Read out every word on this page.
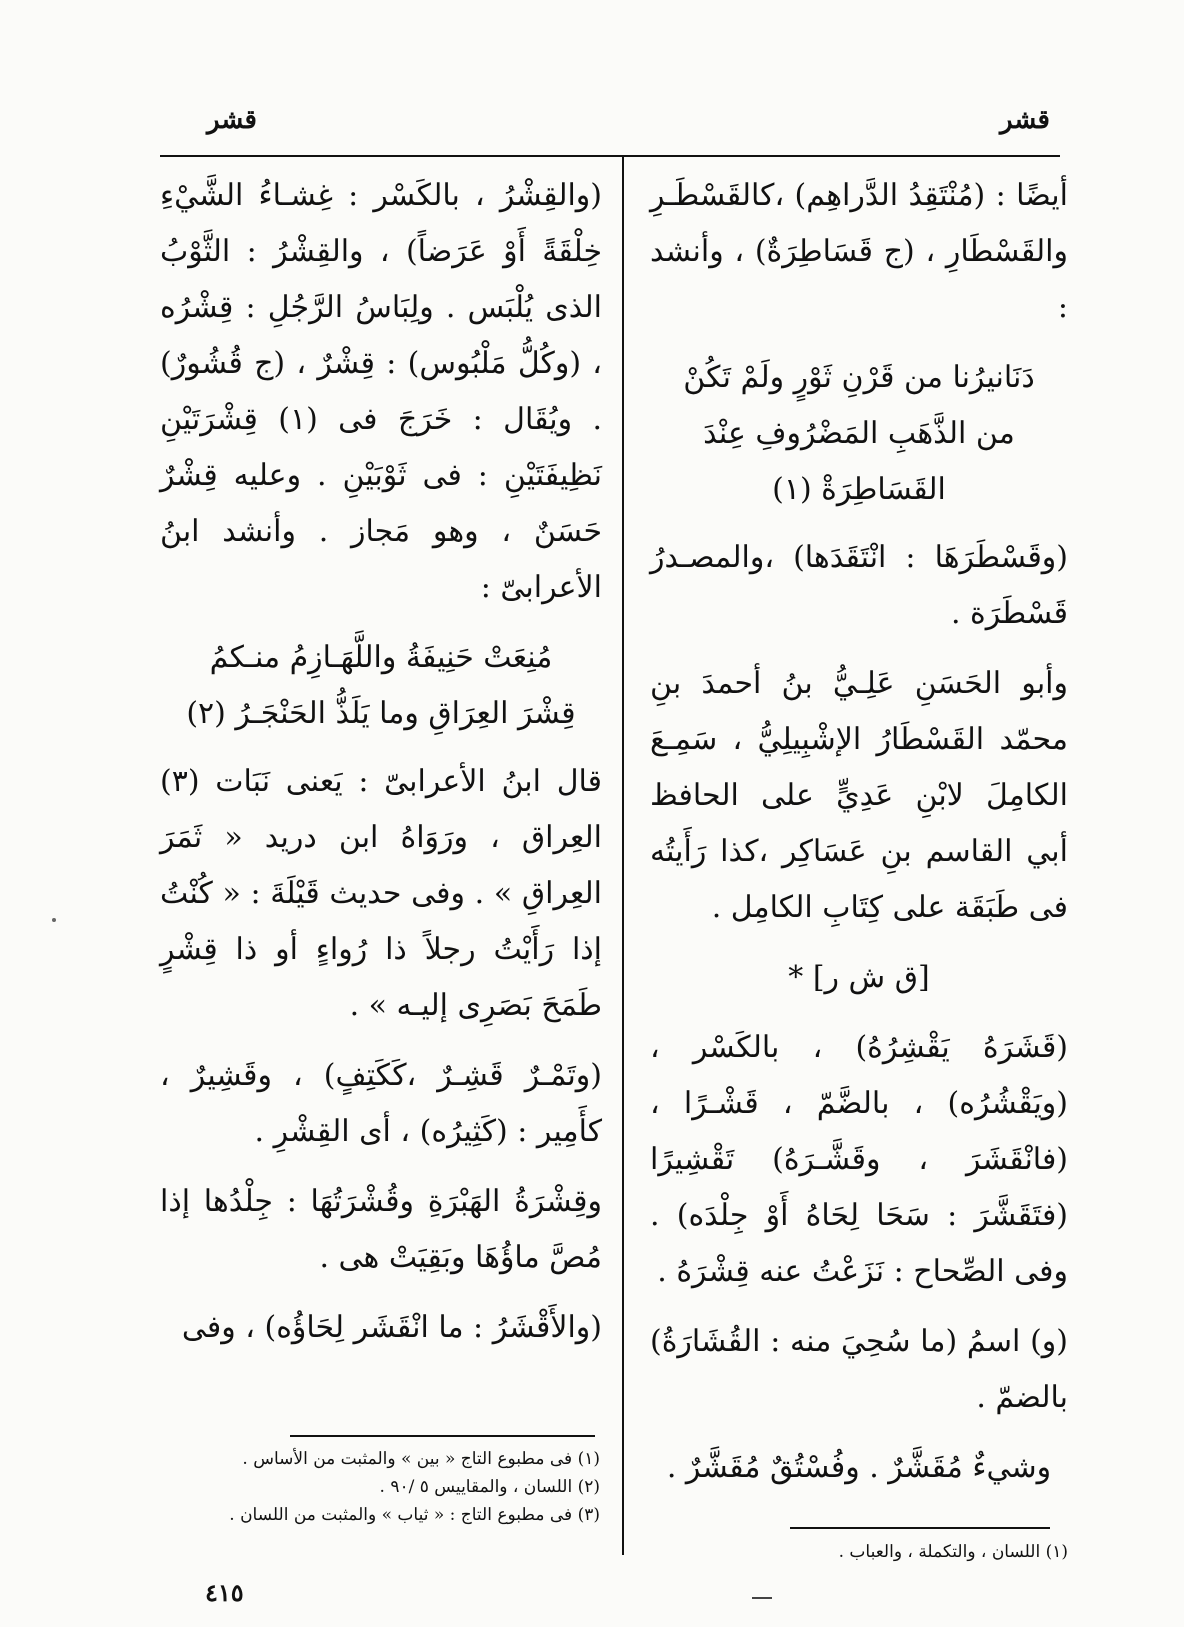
قشر
قشر

أيضًا : (مُنْتَقِدُ الدَّراهِم) ،كالقَسْطَـرِ والقَسْطَارِ ، (ج قَسَاطِرَةٌ) ، وأنشد :

دَنَانيرُنا من قَرْنِ ثَوْرٍ ولَمْ تَكُنْ
من الذَّهَبِ المَضْرُوفِ عِنْدَ القَسَاطِرَةْ (١)

(وقَسْطَرَهَا : انْتَقَدَها) ،والمصـدرُ قَسْطَرَة .

وأبو الحَسَنِ عَلِـيُّ بنُ أحمدَ بنِ محمّد القَسْطَارُ الإشْبِيلِيُّ ، سَمِـعَ الكامِلَ لابْنِ عَدِيٍّ على الحافظ أبي القاسم بنِ عَسَاكِر ،كذا رَأَيتُه فى طَبَقَة على كِتَابِ الكامِل .

[ق ش ر] *

(قَشَرَهُ يَقْشِرُهُ) ، بالكَسْر ، (ويَقْشُرُه) ، بالضَّمّ ، قَشْـرًا ، (فانْقَشَرَ ، وقَشَّـرَهُ) تَقْشِيرًا (فتَقَشَّرَ : سَحَا لِحَاهُ أَوْ جِلْدَه) . وفى الصِّحاح : نَزَعْتُ عنه قِشْرَهُ .

(و) اسمُ (ما سُحِيَ منه : القُشَارَةُ) بالضمّ .

وشيءٌ مُقَشَّرٌ . وفُسْتُقٌ مُقَشَّرٌ .

(والقِشْرُ ، بالكَسْر : غِشـاءُ الشَّيْءِ خِلْقَةً أَوْ عَرَضاً) ، والقِشْرُ : الثَّوْبُ الذى يُلْبَس . ولِبَاسُ الرَّجُلِ : قِشْرُه ، (وكُلُّ مَلْبُوس) : قِشْرٌ ، (ج قُشُورٌ) . ويُقَال : خَرَجَ فى (١) قِشْرَتَيْنِ نَظِيفَتَيْنِ : فى ثَوْبَيْنِ . وعليه قِشْرٌ حَسَنٌ ، وهو مَجاز . وأنشد ابنُ الأعرابىّ :

مُنِعَتْ حَنِيفَةُ واللَّهَـازِمُ منـكمُ
قِشْرَ العِرَاقِ وما يَلَذُّ الحَنْجَـرُ (٢)

قال ابنُ الأعرابىّ : يَعنى نَبَات (٣) العِراق ، ورَوَاهُ ابن دريد « ثَمَرَ العِراقِ » . وفى حديث قَيْلَةَ : « كُنْتُ إذا رَأَيْتُ رجلاً ذا رُواءٍ أو ذا قِشْرٍ طَمَحَ بَصَرِى إليـه » .

(وتَمْـرٌ قَشِـرٌ ،كَكَتِفٍ) ، وقَشِيرٌ ، كأَمِير : (كَثِيرُه) ، أى القِشْرِ .

وقِشْرَةُ الهَبْرَةِ وقُشْرَتُهَا : جِلْدُها إذا مُصَّ ماؤُهَا وبَقِيَتْ هى .

(والأَقْشَرُ : ما انْقَشَر لِحَاؤُه) ، وفى

(١) اللسان ، والتكملة ، والعباب .
(١) فى مطبوع التاج « بين » والمثبت من الأساس .
(٢) اللسان ، والمقاييس ٥ /٩٠ .
(٣) فى مطبوع التاج : « ثياب » والمثبت من اللسان .
٤١٥
